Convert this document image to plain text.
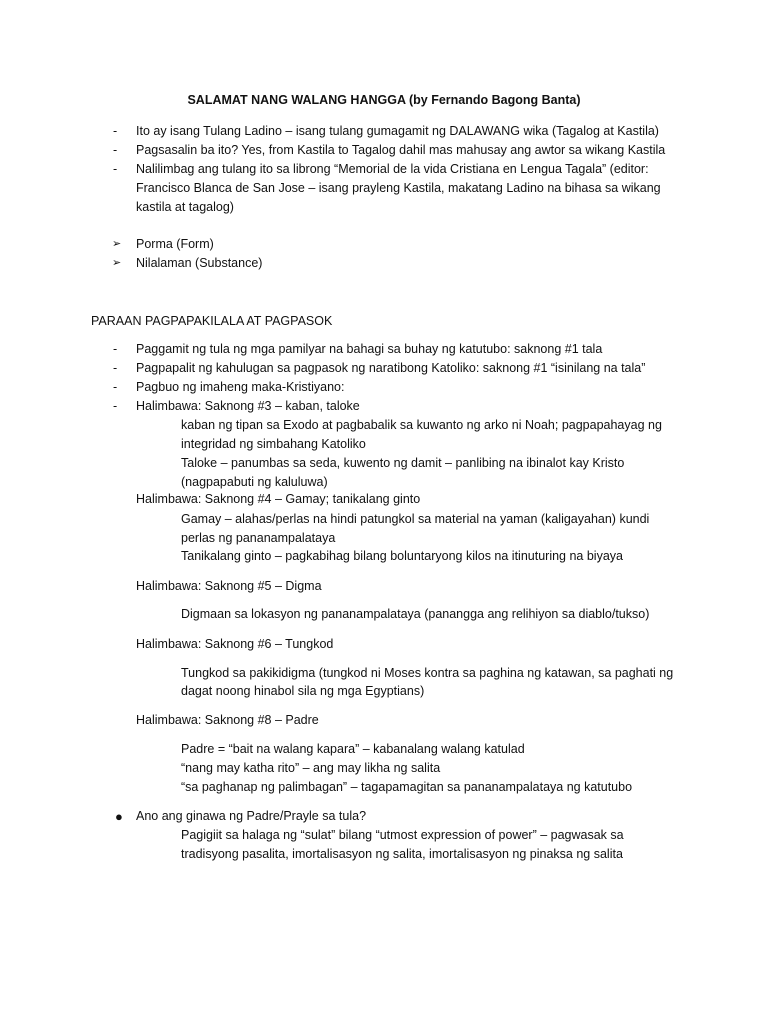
SALAMAT NANG WALANG HANGGA (by Fernando Bagong Banta)
- Ito ay isang Tulang Ladino – isang tulang gumagamit ng DALAWANG wika (Tagalog at Kastila)
- Pagsasalin ba ito? Yes, from Kastila to Tagalog dahil mas mahusay ang awtor sa wikang Kastila
- Nalilimbag ang tulang ito sa librong “Memorial de la vida Cristiana en Lengua Tagala” (editor:
Francisco Blanca de San Jose – isang prayleng Kastila, makatang Ladino na bihasa sa wikang
kastila at tagalog)
➢ Porma (Form)
➢ Nilalaman (Substance)
PARAAN PAGPAPAKILALA AT PAGPASOK
- Paggamit ng tula ng mga pamilyar na bahagi sa buhay ng katutubo: saknong #1 tala
- Pagpapalit ng kahulugan sa pagpasok ng naratibong Katoliko: saknong #1 “isinilang na tala”
- Pagbuo ng imaheng maka-Kristiyano:
- Halimbawa: Saknong #3 – kaban, taloke
kaban ng tipan sa Exodo at pagbabalik sa kuwanto ng arko ni Noah; pagpapahayag ng
integridad ng simbahang Katoliko
Taloke – panumbas sa seda, kuwento ng damit – panlibing na ibinalot kay Kristo
(nagpapabuti ng kaluluwa)
Halimbawa: Saknong #4 – Gamay; tanikalang ginto
Gamay – alahas/perlas na hindi patungkol sa material na yaman (kaligayahan) kundi
perlas ng pananampalataya
Tanikalang ginto – pagkabihag bilang boluntaryong kilos na itinuturing na biyaya
Halimbawa: Saknong #5 – Digma
Digmaan sa lokasyon ng pananampalataya (panangga ang relihiyon sa diablo/tukso)
Halimbawa: Saknong #6 – Tungkod
Tungkod sa pakikidigma (tungkod ni Moses kontra sa paghina ng katawan, sa paghati ng
dagat noong hinabol sila ng mga Egyptians)
Halimbawa: Saknong #8 – Padre
Padre = “bait na walang kapara” – kabanalang walang katulad
“nang may katha rito” – ang may likha ng salita
“sa paghanap ng palimbagan” – tagapamagitan sa pananampalataya ng katutubo
● Ano ang ginawa ng Padre/Prayle sa tula?
Pagigiit sa halaga ng “sulat” bilang “utmost expression of power” – pagwasak sa
tradisyong pasalita, imortalisasyon ng salita, imortalisasyon ng pinaksa ng salita
